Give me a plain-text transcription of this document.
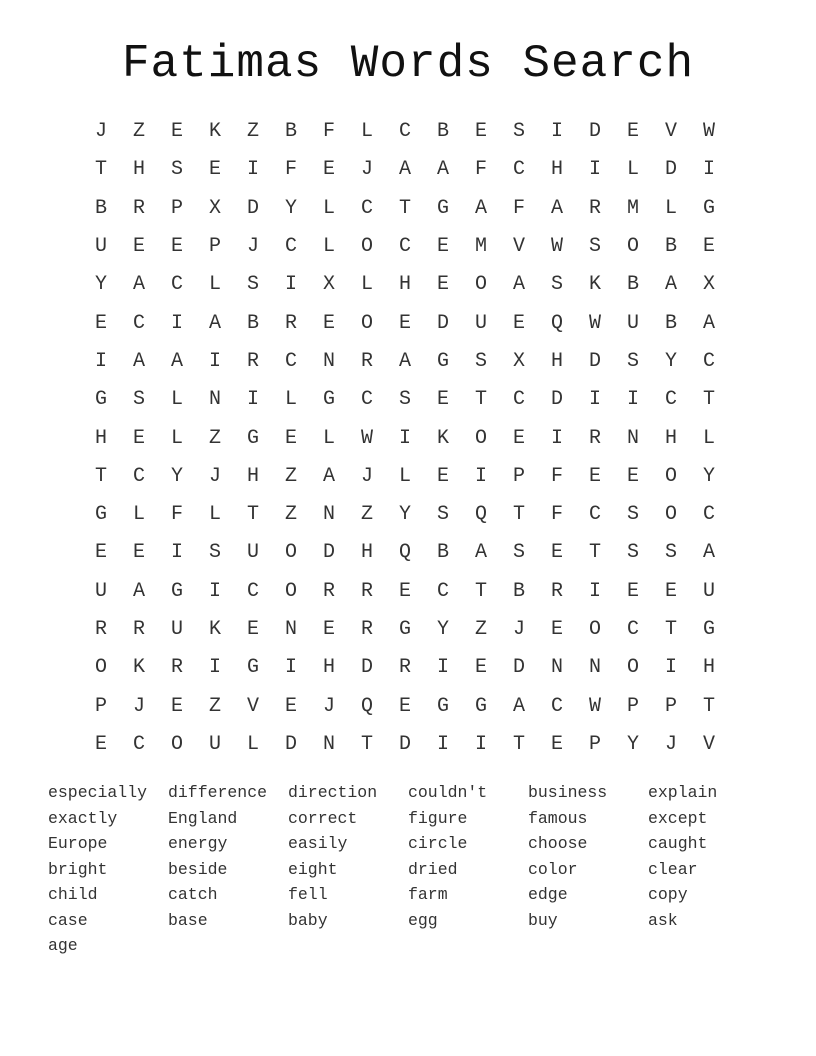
Fatimas Words Search
J	Z	E	K	Z	B	F	L	C	B	E	S	I	D	E	V	W
T	H	S	E	I	F	E	J	A	A	F	C	H	I	L	D	I
B	R	P	X	D	Y	L	C	T	G	A	F	A	R	M	L	G
U	E	E	P	J	C	L	O	C	E	M	V	W	S	O	B	E
Y	A	C	L	S	I	X	L	H	E	O	A	S	K	B	A	X
E	C	I	A	B	R	E	O	E	D	U	E	Q	W	U	B	A
I	A	A	I	R	C	N	R	A	G	S	X	H	D	S	Y	C
G	S	L	N	I	L	G	C	S	E	T	C	D	I	I	C	T
H	E	L	Z	G	E	L	W	I	K	O	E	I	R	N	H	L
T	C	Y	J	H	Z	A	J	L	E	I	P	F	E	E	O	Y
G	L	F	L	T	Z	N	Z	Y	S	Q	T	F	C	S	O	C
E	E	I	S	U	O	D	H	Q	B	A	S	E	T	S	S	A
U	A	G	I	C	O	R	R	E	C	T	B	R	I	E	E	U
R	R	U	K	E	N	E	R	G	Y	Z	J	E	O	C	T	G
O	K	R	I	G	I	H	D	R	I	E	D	N	N	O	I	H
P	J	E	Z	V	E	J	Q	E	G	G	A	C	W	P	P	T
E	C	O	U	L	D	N	T	D	I	I	T	E	P	Y	J	V
especially	difference	direction	couldn't	business	explain
exactly	England	correct	figure	famous	except
Europe	energy	easily	circle	choose	caught
bright	beside	eight	dried	color	clear
child	catch	fell	farm	edge	copy
case	base	baby	egg	buy	ask
age
